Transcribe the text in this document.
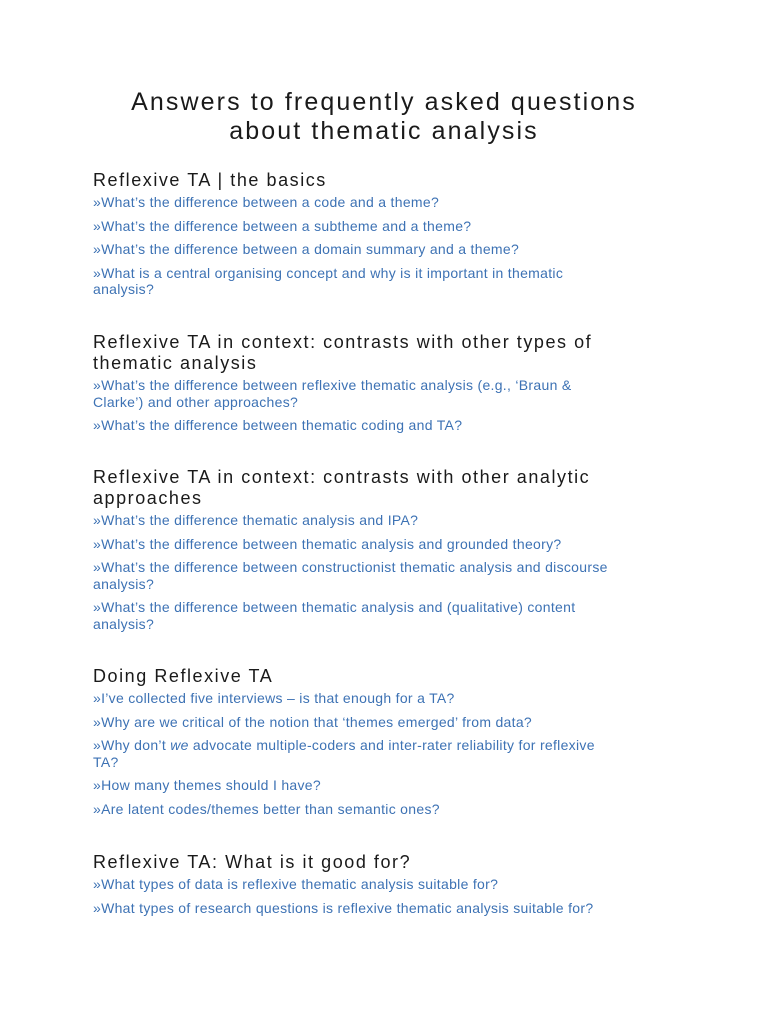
Answers to frequently asked questions
about thematic analysis
Reflexive TA | the basics
»What’s the difference between a code and a theme?
»What’s the difference between a subtheme and a theme?
»What’s the difference between a domain summary and a theme?
»What is a central organising concept and why is it important in thematic
analysis?
Reflexive TA in context: contrasts with other types of
thematic analysis
»What’s the difference between reflexive thematic analysis (e.g., ‘Braun &
Clarke’) and other approaches?
»What’s the difference between thematic coding and TA?
Reflexive TA in context: contrasts with other analytic
approaches
»What’s the difference thematic analysis and IPA?
»What’s the difference between thematic analysis and grounded theory?
»What’s the difference between constructionist thematic analysis and discourse
analysis?
»What’s the difference between thematic analysis and (qualitative) content
analysis?
Doing Reflexive TA
»I’ve collected five interviews – is that enough for a TA?
»Why are we critical of the notion that ‘themes emerged’ from data?
»Why don’t we advocate multiple-coders and inter-rater reliability for reflexive
TA?
»How many themes should I have?
»Are latent codes/themes better than semantic ones?
Reflexive TA: What is it good for?
»What types of data is reflexive thematic analysis suitable for?
»What types of research questions is reflexive thematic analysis suitable for?
